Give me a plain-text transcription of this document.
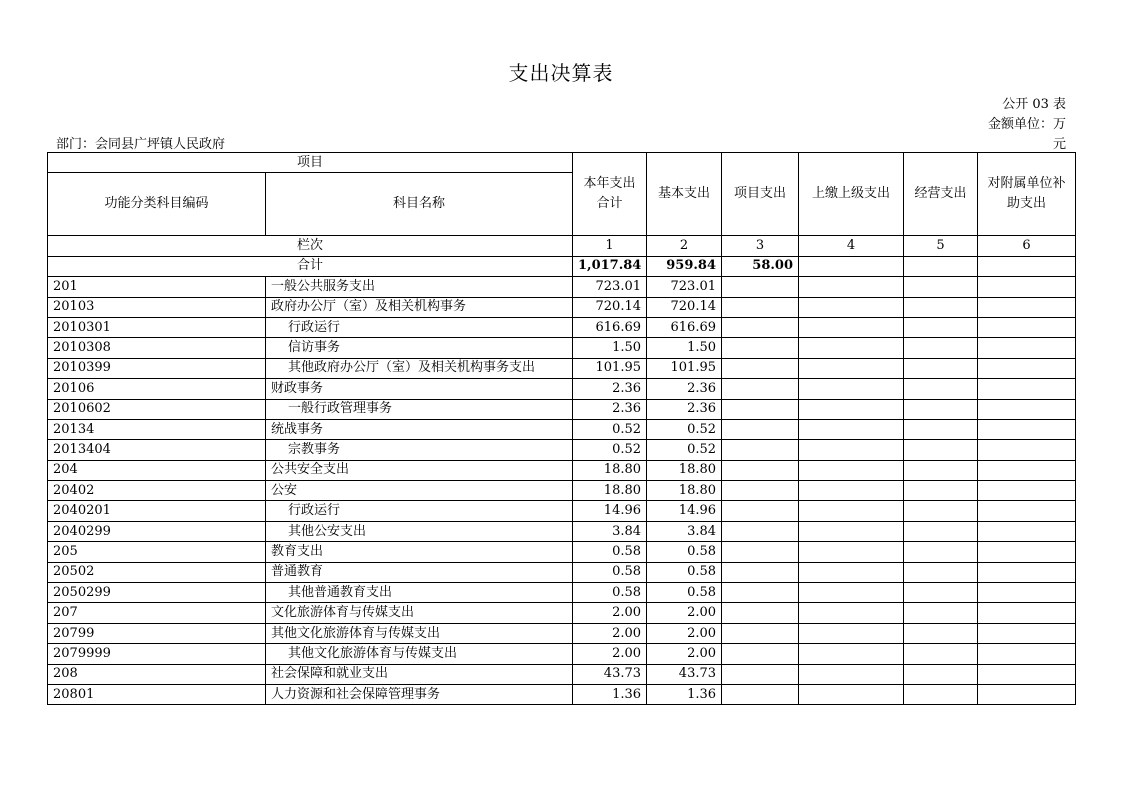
支出决算表
公开 03 表
金额单位：万
元
部门：会同县广坪镇人民政府
项目		本年支出合计	基本支出	项目支出	上缴上级支出	经营支出	对附属单位补助支出
功能分类科目编码	科目名称						
栏次		1	2	3	4	5	6
合计		1,017.84	959.84	58.00			
201	一般公共服务支出	723.01	723.01				
20103	政府办公厅（室）及相关机构事务	720.14	720.14				
2010301	行政运行	616.69	616.69				
2010308	信访事务	1.50	1.50				
2010399	其他政府办公厅（室）及相关机构事务支出	101.95	101.95				
20106	财政事务	2.36	2.36				
2010602	一般行政管理事务	2.36	2.36				
20134	统战事务	0.52	0.52				
2013404	宗教事务	0.52	0.52				
204	公共安全支出	18.80	18.80				
20402	公安	18.80	18.80				
2040201	行政运行	14.96	14.96				
2040299	其他公安支出	3.84	3.84				
205	教育支出	0.58	0.58				
20502	普通教育	0.58	0.58				
2050299	其他普通教育支出	0.58	0.58				
207	文化旅游体育与传媒支出	2.00	2.00				
20799	其他文化旅游体育与传媒支出	2.00	2.00				
2079999	其他文化旅游体育与传媒支出	2.00	2.00				
208	社会保障和就业支出	43.73	43.73				
20801	人力资源和社会保障管理事务	1.36	1.36				
